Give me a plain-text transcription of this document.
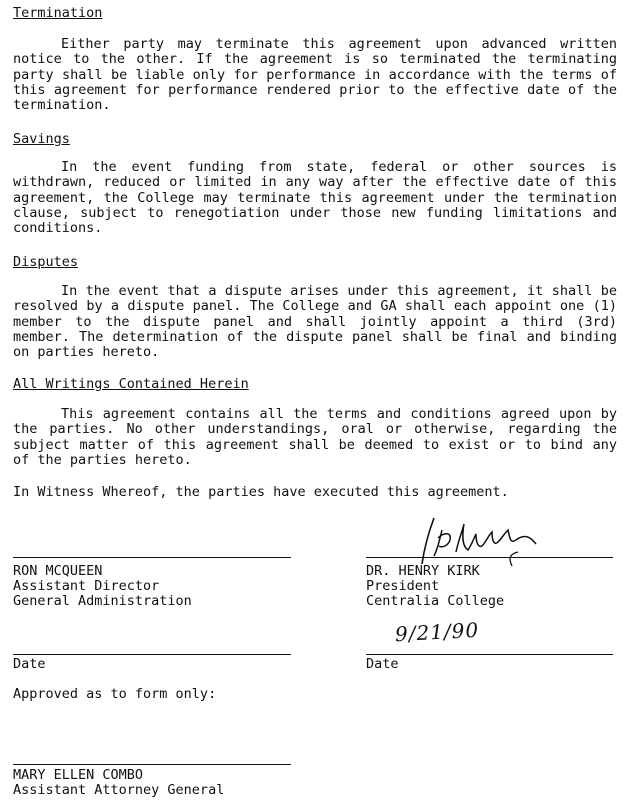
Termination

Either party may terminate this agreement upon advanced written notice to the other. If the agreement is so terminated the terminating party shall be liable only for performance in accordance with the terms of this agreement for performance rendered prior to the effective date of the termination.

Savings

In the event funding from state, federal or other sources is withdrawn, reduced or limited in any way after the effective date of this agreement, the College may terminate this agreement under the termination clause, subject to renegotiation under those new funding limitations and conditions.

Disputes

In the event that a dispute arises under this agreement, it shall be resolved by a dispute panel. The College and GA shall each appoint one (1) member to the dispute panel and shall jointly appoint a third (3rd) member. The determination of the dispute panel shall be final and binding on parties hereto.

All Writings Contained Herein

This agreement contains all the terms and conditions agreed upon by the parties. No other understandings, oral or otherwise, regarding the subject matter of this agreement shall be deemed to exist or to bind any of the parties hereto.

In Witness Whereof, the parties have executed this agreement.
RON MCQUEEN
Assistant Director
General Administration
DR. HENRY KIRK
President
Centralia College
9/21/90
Date	Date
Approved as to form only:
MARY ELLEN COMBO
Assistant Attorney General
